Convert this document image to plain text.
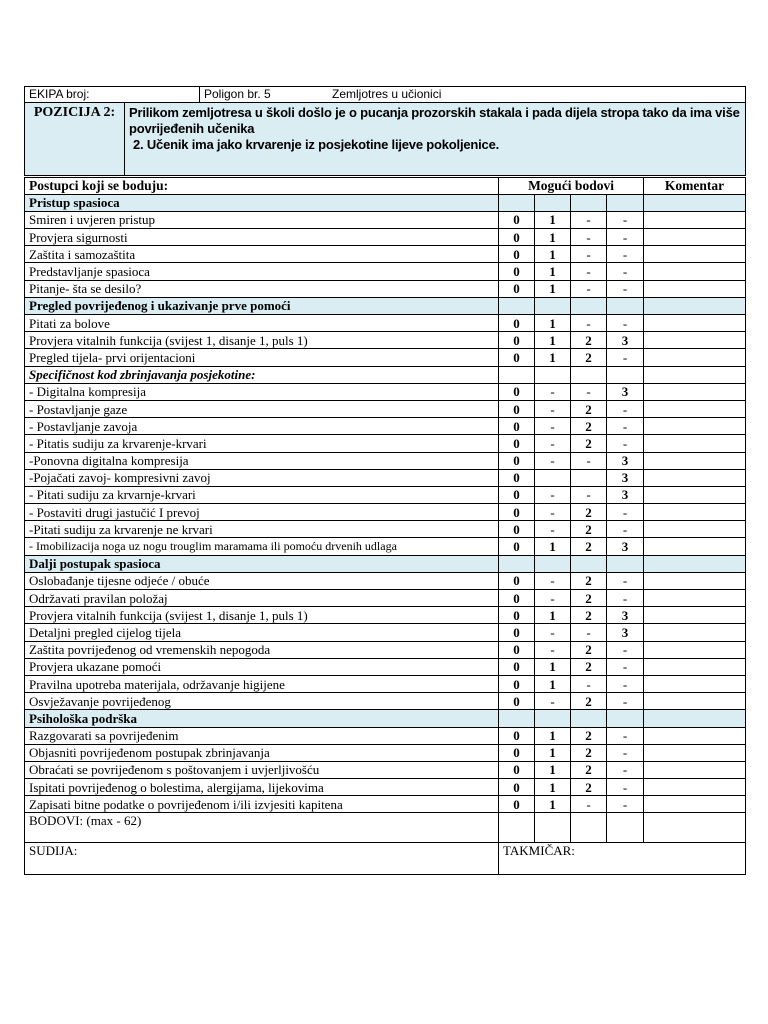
EKIPA broj:	Poligon br. 5	Zemljotres u učionici
POZICIJA 2:	Prilikom zemljotresa u školi došlo je o pucanja prozorskih stakala i pada dijela stropa tako da ima više povrijeđenih učenika
2. Učenik ima jako krvarenje iz posjekotine lijeve pokoljenice.
Postupci koji se boduju:	Mogući bodovi				Komentar
Pristup spasioca					
Smiren i uvjeren pristup	0	1	-	-	
Provjera sigurnosti	0	1	-	-	
Zaštita i samozaštita	0	1	-	-	
Predstavljanje spasioca	0	1	-	-	
Pitanje- šta se desilo?	0	1	-	-	
Pregled povrijeđenog i ukazivanje prve pomoći					
Pitati za bolove	0	1	-	-	
Provjera vitalnih funkcija (svijest 1, disanje 1, puls 1)	0	1	2	3	
Pregled tijela- prvi orijentacioni	0	1	2	-	
Specifičnost kod zbrinjavanja posjekotine:					
- Digitalna kompresija	0	-	-	3	
- Postavljanje gaze	0	-	2	-	
- Postavljanje zavoja	0	-	2	-	
- Pitatis sudiju za krvarenje-krvari	0	-	2	-	
-Ponovna digitalna kompresija	0	-	-	3	
-Pojačati zavoj- kompresivni zavoj	0			3	
- Pitati sudiju za krvarnje-krvari	0	-	-	3	
- Postaviti drugi jastučić I prevoj	0	-	2	-	
-Pitati sudiju za krvarenje ne krvari	0	-	2	-	
- Imobilizacija noga uz nogu trouglim maramama ili pomoću drvenih udlaga	0	1	2	3	
Dalji postupak spasioca					
Oslobađanje tijesne odjeće / obuće	0	-	2	-	
Održavati pravilan položaj	0	-	2	-	
Provjera vitalnih funkcija (svijest 1, disanje 1, puls 1)	0	1	2	3	
Detaljni pregled cijelog tijela	0	-	-	3	
Zaštita povrijeđenog od vremenskih nepogoda	0	-	2	-	
Provjera ukazane pomoći	0	1	2	-	
Pravilna upotreba materijala, održavanje higijene	0	1	-	-	
Osvježavanje povrijeđenog	0	-	2	-	
Psihološka podrška					
Razgovarati sa povrijeđenim	0	1	2	-	
Objasniti povrijeđenom postupak zbrinjavanja	0	1	2	-	
Obraćati se povrijeđenom s poštovanjem i uvjerljivošću	0	1	2	-	
Ispitati povrijeđenog o bolestima, alergijama, lijekovima	0	1	2	-	
Zapisati bitne podatke o povrijeđenom i/ili izvjesiti kapitena	0	1	-	-	
BODOVI: (max - 62)					
SUDIJA:	TAKMIČAR:				
